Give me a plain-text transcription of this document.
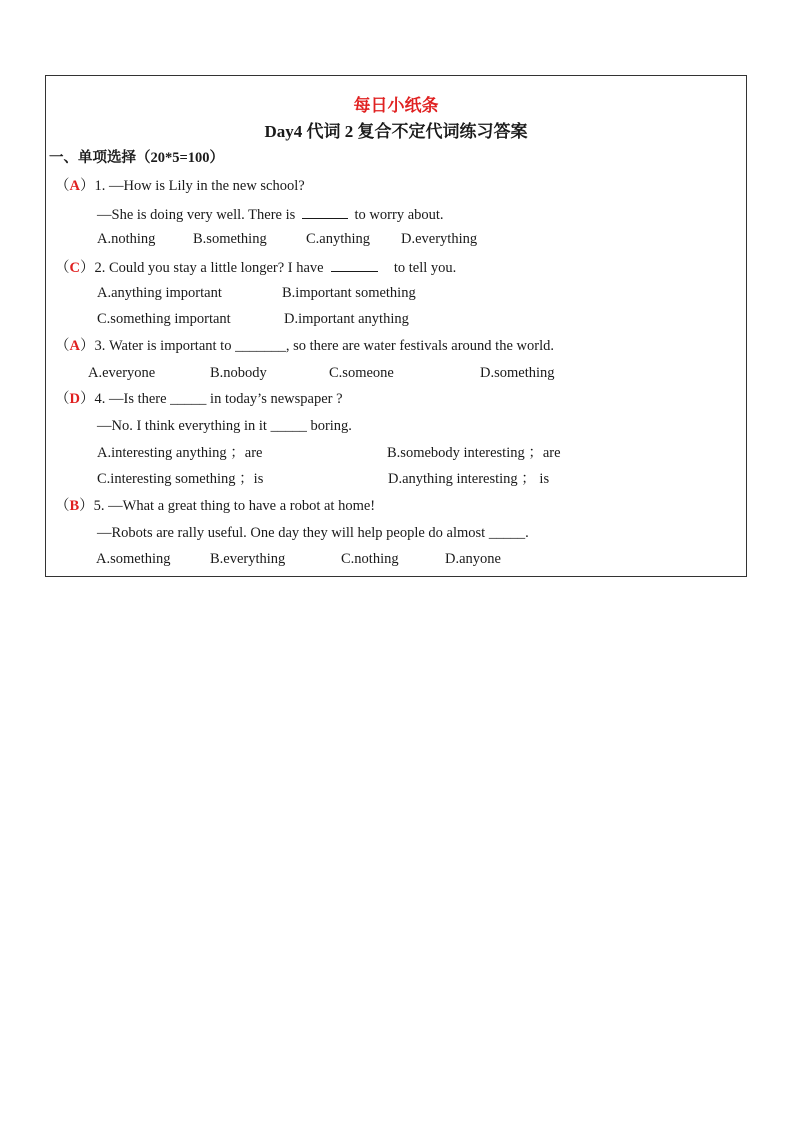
每日小纸条
Day4 代词 2 复合不定代词练习答案
一、单项选择（20*5=100）
（A）1. —How is Lily in the new school?
—She is doing very well. There is	to worry about.
A.nothing	B.something	C.anything D.everything
（C）2. Could you stay a little longer? I have	to tell you.
A.anything important	B.important something
C.something important	D.important anything
（A）3. Water is important to _______, so there are water festivals around the world.
A.everyone	B.nobody	C.someone	D.something
（D）4. —Is there _____ in today’s newspaper ?
—No. I think everything in it _____ boring.
A.interesting anything ；are	B.somebody interesting ；are
C.interesting something ；is	D.anything interesting ； is
（B）5. —What a great thing to have a robot at home!
—Robots are rally useful. One day they will help people do almost _____.
A.something	B.everything	C.nothing	D.anyone
